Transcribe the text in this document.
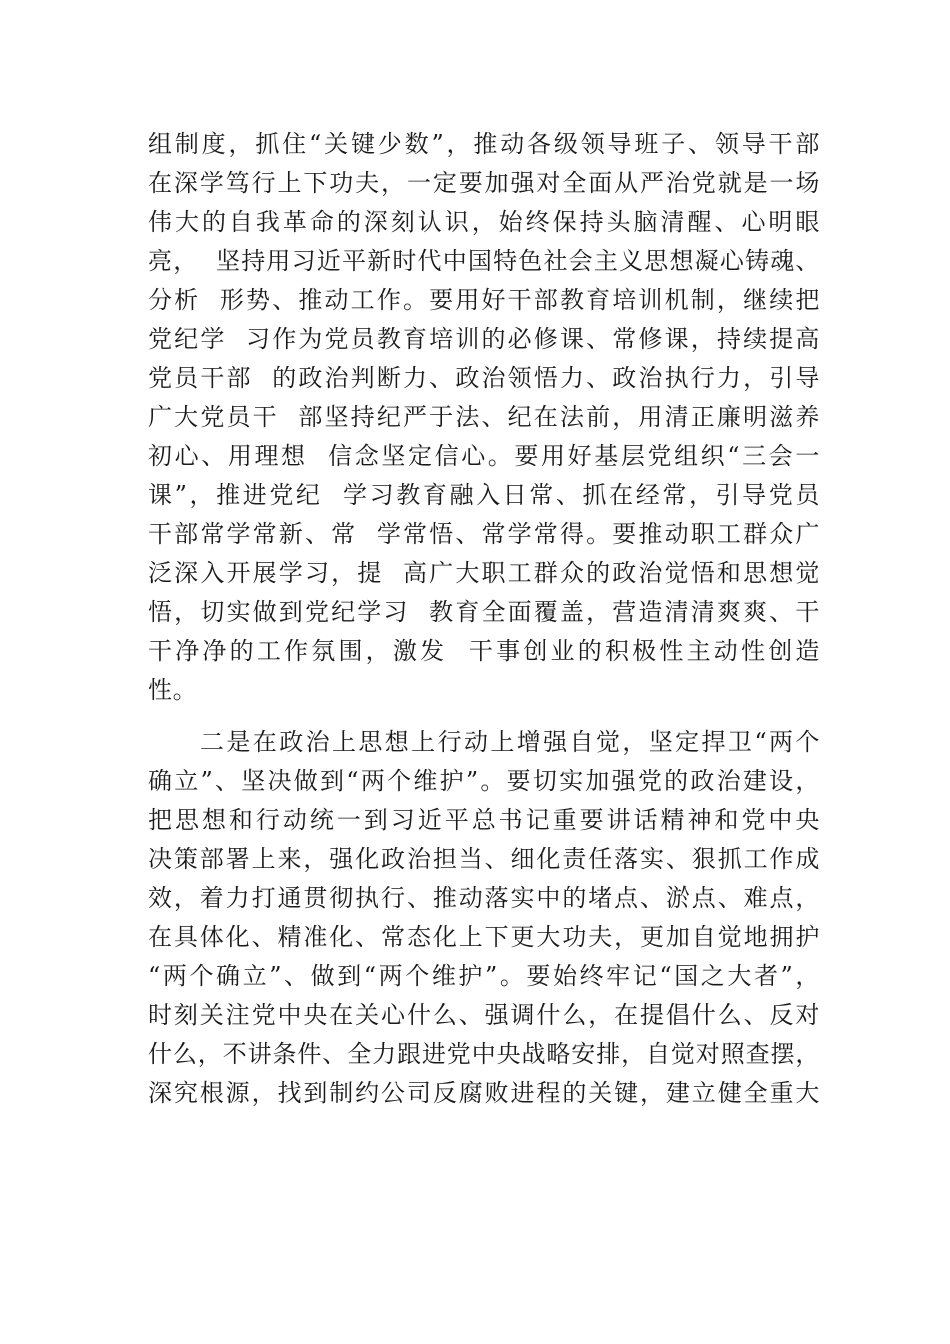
组制度，抓住“关键少数”，推动各级领导班子、领导干部
在深学笃行上下功夫，一定要加强对全面从严治党就是一场
伟大的自我革命的深刻认识，始终保持头脑清醒、心明眼
亮，  坚持用习近平新时代中国特色社会主义思想凝心铸魂、
分析  形势、推动工作。要用好干部教育培训机制，继续把
党纪学  习作为党员教育培训的必修课、常修课，持续提高
党员干部  的政治判断力、政治领悟力、政治执行力，引导
广大党员干  部坚持纪严于法、纪在法前，用清正廉明滋养
初心、用理想  信念坚定信心。要用好基层党组织“三会一
课”，推进党纪  学习教育融入日常、抓在经常，引导党员
干部常学常新、常  学常悟、常学常得。要推动职工群众广
泛深入开展学习，提  高广大职工群众的政治觉悟和思想觉
悟，切实做到党纪学习  教育全面覆盖，营造清清爽爽、干
干净净的工作氛围，激发  干事创业的积极性主动性创造
性。
二是在政治上思想上行动上增强自觉，坚定捍卫“两个
确立”、坚决做到“两个维护”。要切实加强党的政治建设，
把思想和行动统一到习近平总书记重要讲话精神和党中央
决策部署上来，强化政治担当、细化责任落实、狠抓工作成
效，着力打通贯彻执行、推动落实中的堵点、淤点、难点，
在具体化、精准化、常态化上下更大功夫，更加自觉地拥护
“两个确立”、做到“两个维护”。要始终牢记“国之大者”，
时刻关注党中央在关心什么、强调什么，在提倡什么、反对
什么，不讲条件、全力跟进党中央战略安排，自觉对照查摆，
深究根源，找到制约公司反腐败进程的关键，建立健全重大
